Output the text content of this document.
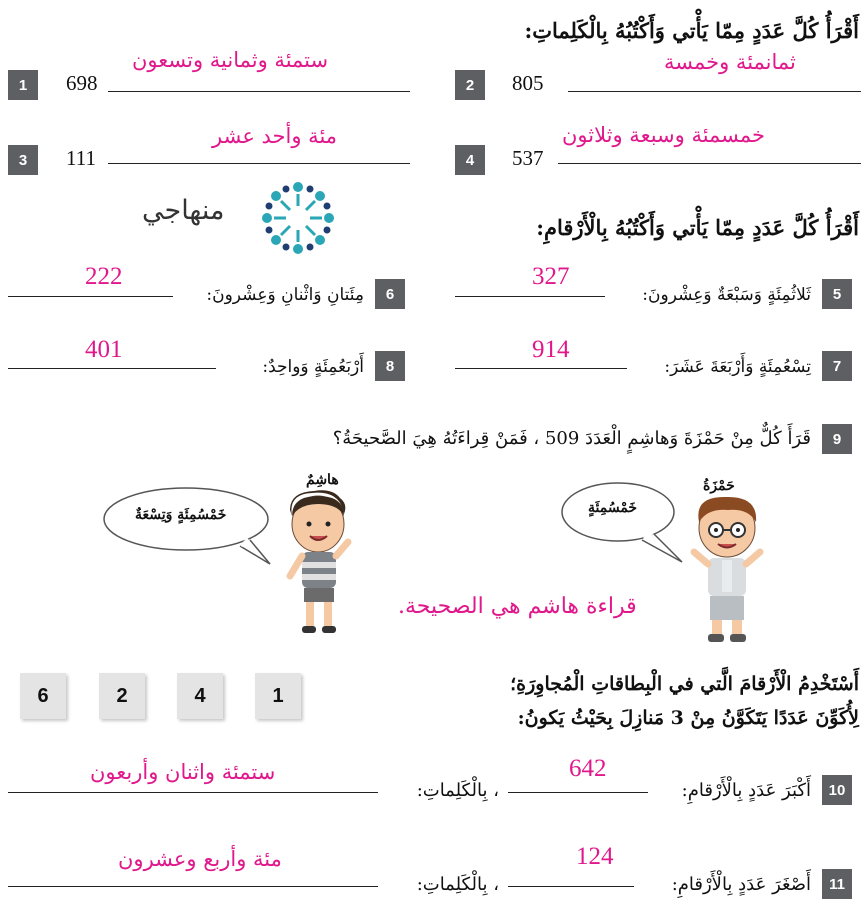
أَقْرَأُ كُلَّ عَدَدٍ مِمّا يَأْتي وَأَكْتُبُهُ بِالْكَلِماتِ:
2	805
ثمانمئة وخمسة
1	698
ستمئة وثمانية وتسعون
4	537
خمسمئة وسبعة وثلاثون
3	111
مئة وأحد عشر
منهاجي
أَقْرَأُ كُلَّ عَدَدٍ مِمّا يَأْتي وَأَكْتُبُهُ بِالْأَرْقامِ:
5
ثَلاثُمِئَةٍ وَسَبْعَةٌ وَعِشْرونَ:
327
6
مِئَتانِ وَاثْنانِ وَعِشْرونَ:
222
7
تِسْعُمِئَةٍ وَأَرْبَعَةَ عَشَرَ:
914
8
أَرْبَعُمِئَةٍ وَواحِدٌ:
401
9
قَرَأَ كُلٌّ مِنْ حَمْزَةَ وَهاشِمٍ الْعَدَدَ 509 ، فَمَنْ قِراءَتُهُ هِيَ الصَّحيحَةُ؟
هاشِمٌ
خَمْسُمِئَةٍ وَتِسْعَةٌ
حَمْزَةُ
خَمْسُمِئَةٍ
قراءة هاشم هي الصحيحة.
6	2	4	1
أَسْتَخْدِمُ الْأَرْقامَ الَّتي في الْبِطاقاتِ الْمُجاوِرَةِ؛
لِأُكَوِّنَ عَدَدًا يَتَكَوَّنُ مِنْ 3 مَنازِلَ بِحَيْثُ يَكونُ:
10
أَكْبَرَ عَدَدٍ بِالْأَرْقامِ:
642
، بِالْكَلِماتِ:
ستمئة واثنان وأربعون
11
أَصْغَرَ عَدَدٍ بِالْأَرْقامِ:
124
، بِالْكَلِماتِ:
مئة وأربع وعشرون
